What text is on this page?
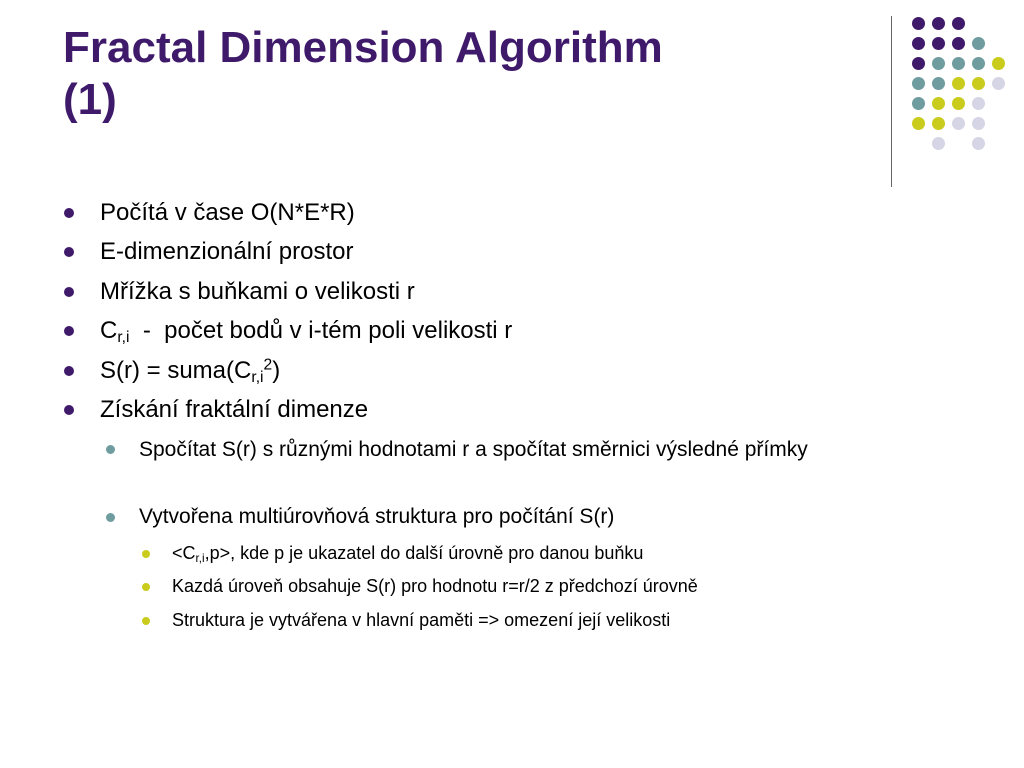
Fractal Dimension Algorithm
(1)
Počítá v čase O(N*E*R)
E-dimenzionální prostor
Mřížka s buňkami o velikosti r
$C_{r,i}$  -  počet bodů v i-tém poli velikosti r
$S(r) = suma(C_{r,i}^2)$
Získání fraktální dimenze
Spočítat S(r) s různými hodnotami r a spočítat směrnici výsledné přímky
Vytvořena multiúrovňová struktura pro počítání S(r)
$<C_{r,i},p>$, kde p je ukazatel do další úrovně pro danou buňku
Kazdá úroveň obsahuje S(r) pro hodnotu r=r/2 z předchozí úrovně
Struktura je vytvářena v hlavní paměti => omezení její velikosti
